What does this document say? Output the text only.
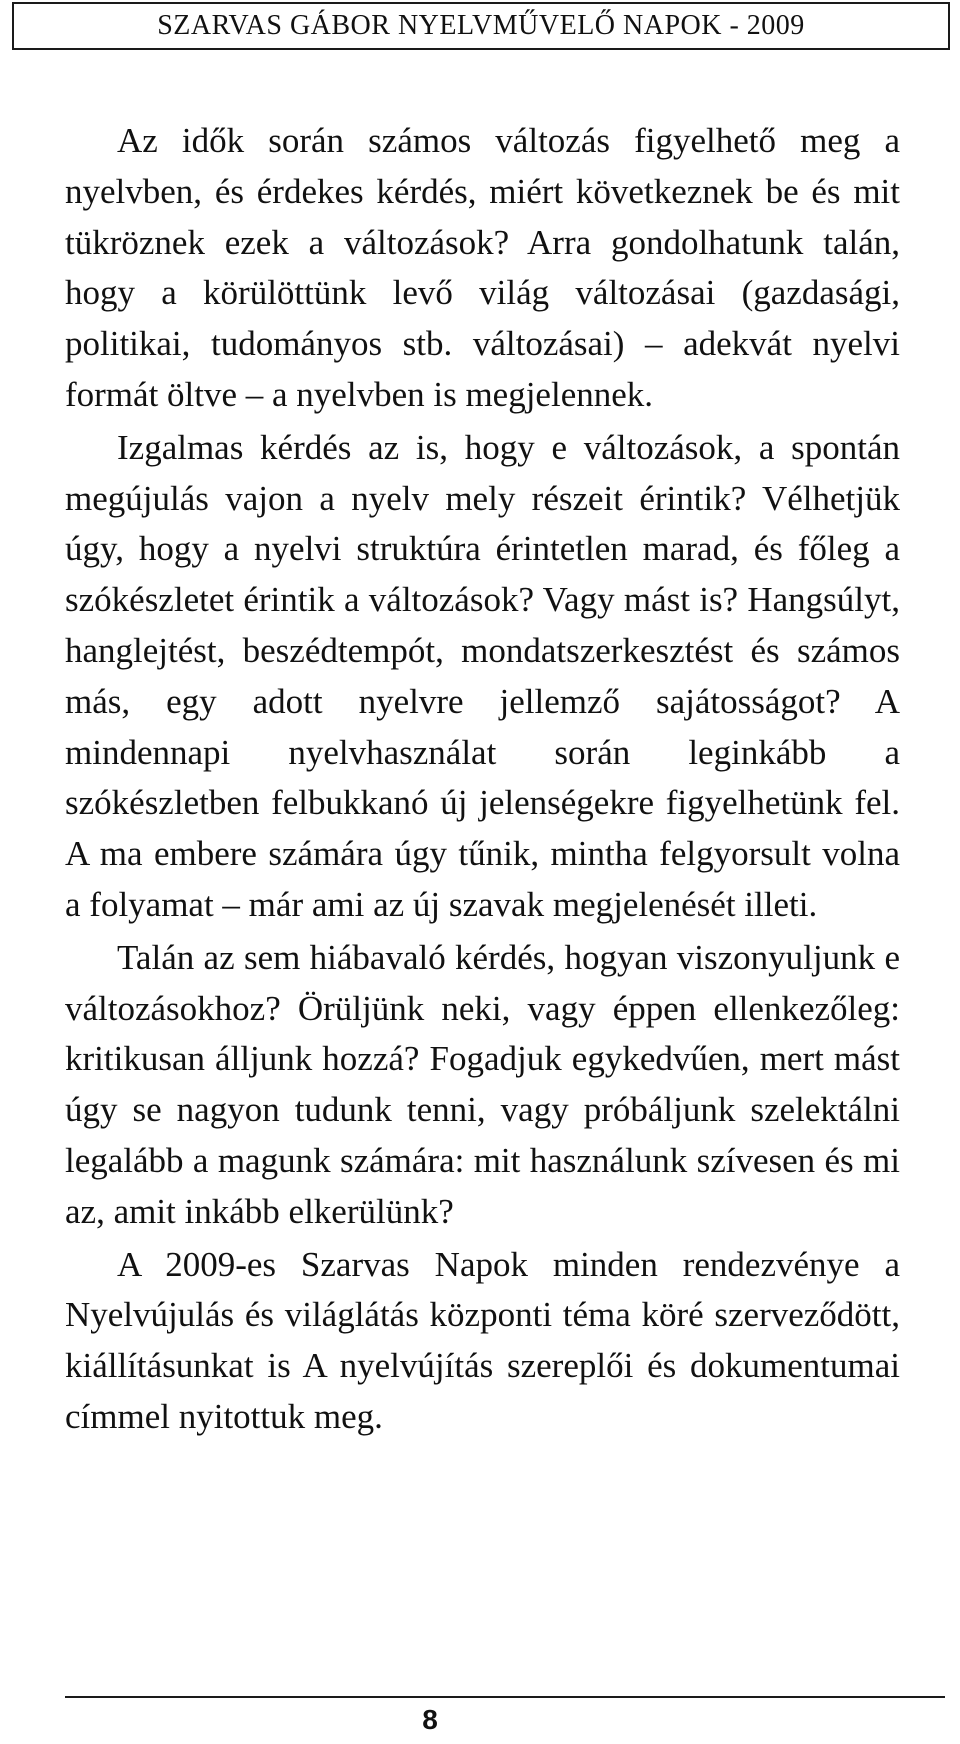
SZARVAS GÁBOR NYELVMŰVELŐ NAPOK - 2009

Az idők során számos változás figyelhető meg a nyelvben, és érdekes kérdés, miért következnek be és mit tükröznek ezek a változások? Arra gondolhatunk talán, hogy a körülöttünk levő világ változásai (gazdasági, politikai, tudományos stb. változásai) – adekvát nyelvi formát öltve – a nyelvben is megjelennek.

Izgalmas kérdés az is, hogy e változások, a spontán megújulás vajon a nyelv mely részeit érintik? Vélhetjük úgy, hogy a nyelvi struktúra érintetlen marad, és főleg a szókészletet érintik a változások? Vagy mást is? Hangsúlyt, hanglejtést, beszédtempót, mondatszerkesztést és számos más, egy adott nyelvre jellemző sajátosságot? A mindennapi nyelvhasználat során leginkább a szókészletben felbukkanó új jelenségekre figyelhetünk fel. A ma embere számára úgy tűnik, mintha felgyorsult volna a folyamat – már ami az új szavak megjelenését illeti.

Talán az sem hiábavaló kérdés, hogyan viszonyuljunk e változásokhoz? Örüljünk neki, vagy éppen ellenkezőleg: kritikusan álljunk hozzá? Fogadjuk egykedvűen, mert mást úgy se nagyon tudunk tenni, vagy próbáljunk szelektálni legalább a magunk számára: mit használunk szívesen és mi az, amit inkább elkerülünk?

A 2009-es Szarvas Napok minden rendezvénye a Nyelvújulás és világlátás központi téma köré szerveződött, kiállításunkat is A nyelvújítás szereplői és dokumentumai címmel nyitottuk meg.

8
